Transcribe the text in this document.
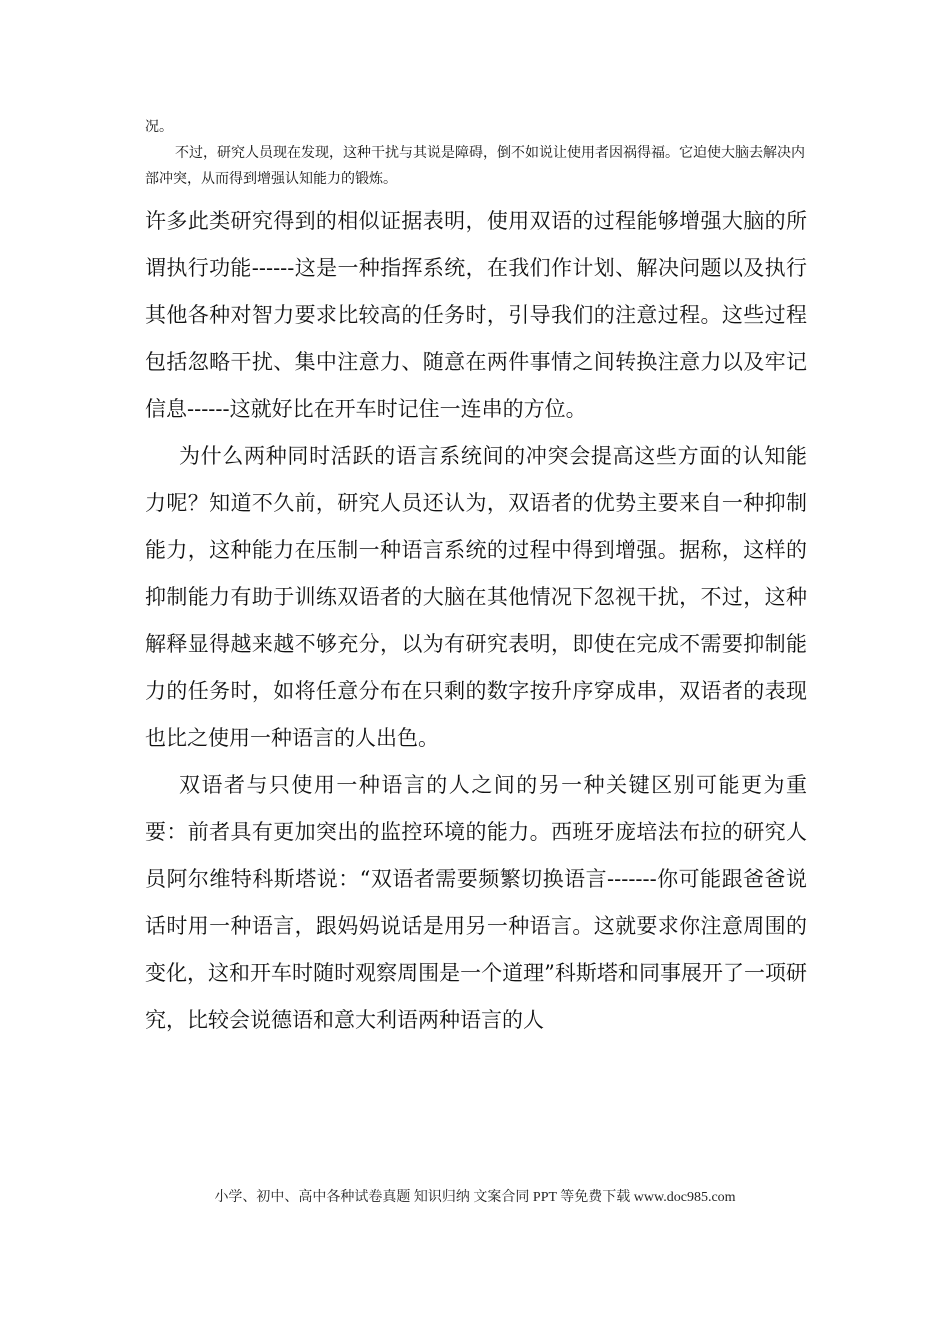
况。

不过，研究人员现在发现，这种干扰与其说是障碍，倒不如说让使用者因祸得福。它迫使大脑去解决内部冲突，从而得到增强认知能力的锻炼。

许多此类研究得到的相似证据表明，使用双语的过程能够增强大脑的所谓执行功能------这是一种指挥系统，在我们作计划、解决问题以及执行其他各种对智力要求比较高的任务时，引导我们的注意过程。这些过程包括忽略干扰、集中注意力、随意在两件事情之间转换注意力以及牢记信息------这就好比在开车时记住一连串的方位。

为什么两种同时活跃的语言系统间的冲突会提高这些方面的认知能力呢？知道不久前，研究人员还认为，双语者的优势主要来自一种抑制能力，这种能力在压制一种语言系统的过程中得到增强。据称，这样的抑制能力有助于训练双语者的大脑在其他情况下忽视干扰，不过，这种解释显得越来越不够充分，以为有研究表明，即使在完成不需要抑制能力的任务时，如将任意分布在只剩的数字按升序穿成串，双语者的表现也比之使用一种语言的人出色。

双语者与只使用一种语言的人之间的另一种关键区别可能更为重要：前者具有更加突出的监控环境的能力。西班牙庞培法布拉的研究人员阿尔维特科斯塔说：“双语者需要频繁切换语言-------你可能跟爸爸说话时用一种语言，跟妈妈说话是用另一种语言。这就要求你注意周围的变化，这和开车时随时观察周围是一个道理”科斯塔和同事展开了一项研究，比较会说德语和意大利语两种语言的人

小学、初中、高中各种试卷真题 知识归纳 文案合同 PPT 等免费下载 www.doc985.com
